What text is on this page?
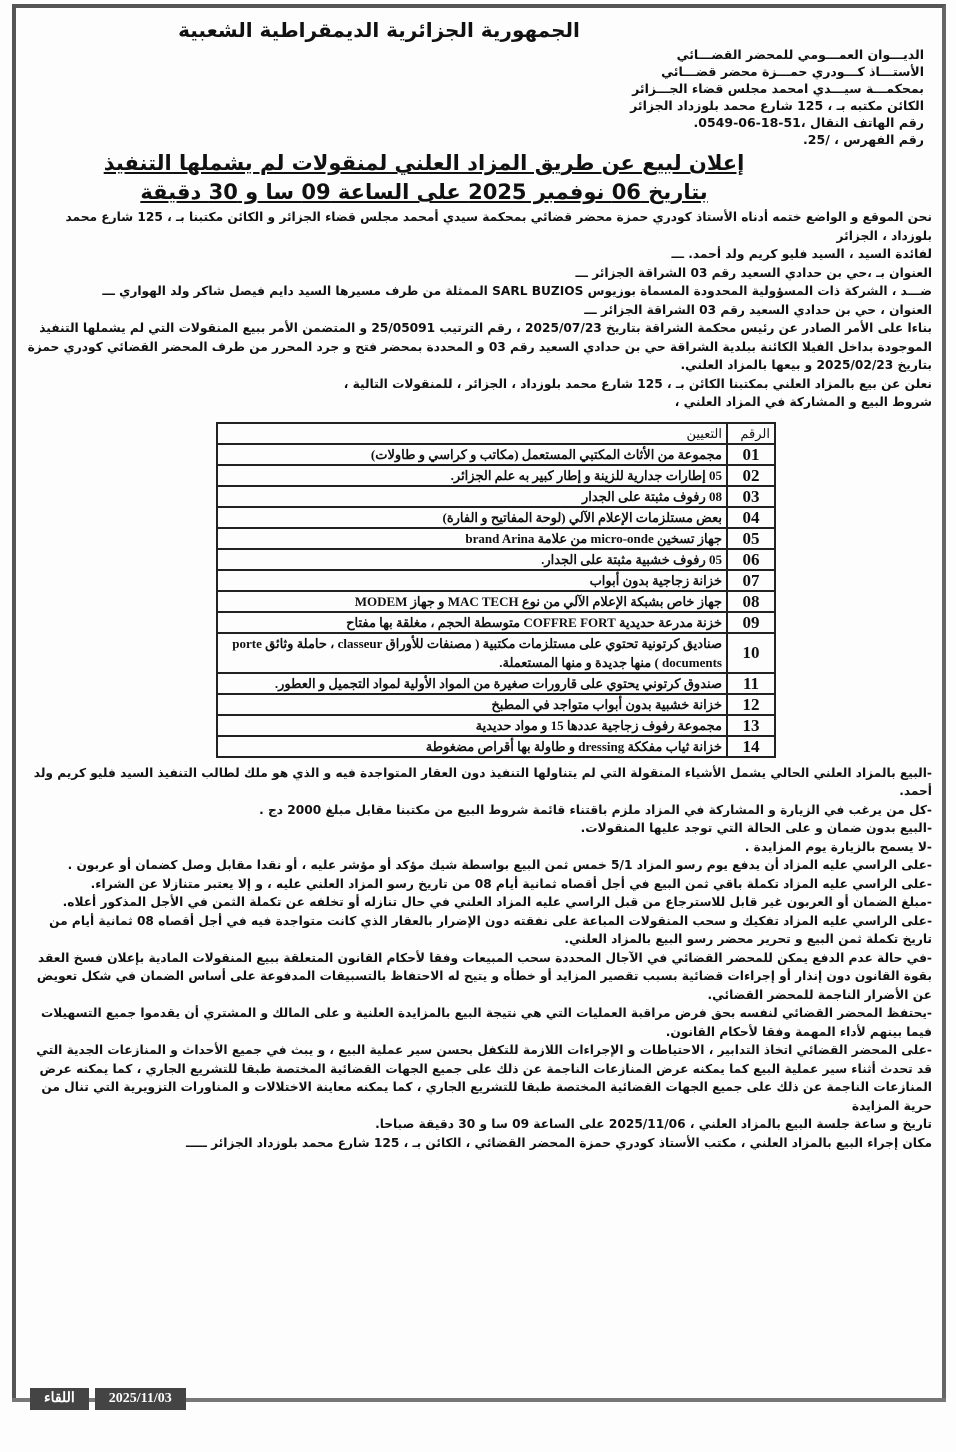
الجمهورية الجزائرية الديمقراطية الشعبية

الديـــوان العمـــومي للمحضر القضـــائي

الأستـــاذ كـــودري حمـــزة محضر قضـــائي

بمحكمـــة سيـــدي امحمد مجلس قضاء الجـــزائر

الكائن مكتبه بـ ، 125 شارع محمد بلوزداد الجزائر

رقم الهاتف النقال ،51-18-06-0549.

رقم الفهرس ، /25.

إعلان لبيع عن طريق المزاد العلني لمنقولات لم يشملها التنفيذ
بتاريخ 06 نوفمبر 2025 على الساعة 09 سا و 30 دقيقة

نحن الموقع و الواضع ختمه أدناه الأستاذ كودري حمزة محضر قضائي بمحكمة سيدي أمحمد مجلس قضاء الجزائر و الكائن مكتبنا بـ ، 125 شارع محمد بلوزداد ، الجزائر

لفائدة السيد ، السيد فليو كريم ولد أحمد. ـــ

العنوان بـ ،حي بن حدادي السعيد رقم 03 الشراقة الجزائر ـــ

ضـــد ، الشركة ذات المسؤولية المحدودة المسماة بوزيوس SARL BUZIOS الممثلة من طرف مسيرها السيد دايم فيصل شاكر ولد الهواري ـــ

العنوان ، حي بن حدادي السعيد رقم 03 الشراقة الجزائر ـــ

بناءا على الأمر الصادر عن رئيس محكمة الشراقة بتاريخ 2025/07/23 ، رقم الترتيب 25/05091 و المتضمن الأمر ببيع المنقولات التي لم يشملها التنفيذ الموجودة بداخل الفيلا الكائنة ببلدية الشراقة حي بن حدادي السعيد رقم 03 و المحددة بمحضر فتح و جرد المحرر من طرف المحضر القضائي كودري حمزة بتاريخ 2025/02/23 و بيعها بالمزاد العلني.

نعلن عن بيع بالمزاد العلني بمكتبنا الكائن بـ ، 125 شارع محمد بلوزداد ، الجزائر ، للمنقولات التالية ،

شروط البيع و المشاركة في المزاد العلني ،

الرقم	التعيين
01	مجموعة من الأثاث المكتبي المستعمل (مكاتب و كراسي و طاولات)
02	05 إطارات جدارية للزينة و إطار كبير به علم الجزائر.
03	08 رفوف مثبتة على الجدار
04	بعض مستلزمات الإعلام الآلي (لوحة المفاتيح و الفارة)
05	جهاز تسخين micro-onde من علامة brand Arina
06	05 رفوف خشبية مثبتة على الجدار.
07	خزانة زجاجية بدون أبواب
08	جهاز خاص بشبكة الإعلام الآلي من نوع MAC TECH و جهاز MODEM
09	خزنة مدرعة حديدية COFFRE FORT متوسطة الحجم ، مغلقة بها مفتاح
10	صناديق كرتونية تحتوي على مستلزمات مكتبية ( مصنفات للأوراق classeur ، حاملة وثائق porte documents ) منها جديدة و منها المستعملة.
11	صندوق كرتوني يحتوي على قارورات صغيرة من المواد الأولية لمواد التجميل و العطور.
12	خزانة خشبية بدون أبواب متواجد في المطبخ
13	مجموعة رفوف زجاجية عددها 15 و مواد حديدية
14	خزانة ثياب مفككة dressing و طاولة بها أقراص مضغوطة

-البيع بالمزاد العلني الحالي يشمل الأشياء المنقولة التي لم يتناولها التنفيذ دون العقار المتواجدة فيه و الذي هو ملك لطالب التنفيذ السيد فليو كريم ولد أحمد.

-كل من يرغب في الزيارة و المشاركة في المزاد ملزم باقتناء قائمة شروط البيع من مكتبنا مقابل مبلغ 2000 دج .

-البيع بدون ضمان و على الحالة التي توجد عليها المنقولات.

-لا يسمح بالزيارة يوم المزايدة .

-على الراسي عليه المزاد أن يدفع يوم رسو المزاد 5/1 خمس ثمن البيع بواسطة شيك مؤكد أو مؤشر عليه ، أو نقدا مقابل وصل كضمان أو عربون .

-على الراسي عليه المزاد تكملة باقي ثمن البيع في أجل أقصاه ثمانية أيام 08 من تاريخ رسو المزاد العلني عليه ، و إلا يعتبر متنازلا عن الشراء.

-مبلغ الضمان أو العربون غير قابل للاسترجاع من قبل الراسي عليه المزاد العلني في حال تنازله أو تخلفه عن تكملة الثمن في الأجل المذكور أعلاه.

-على الراسي عليه المزاد تفكيك و سحب المنقولات المباعة على نفقته دون الإضرار بالعقار الذي كانت متواجدة فيه في أجل أقصاه 08 ثمانية أيام من تاريخ تكملة ثمن البيع و تحرير محضر رسو البيع بالمزاد العلني.

-في حالة عدم الدفع يمكن للمحضر القضائي في الآجال المحددة سحب المبيعات وفقا لأحكام القانون المتعلقة ببيع المنقولات المادية بإعلان فسخ العقد بقوة القانون دون إنذار أو إجراءات قضائية بسبب تقصير المزايد أو خطأه و يتيح له الاحتفاظ بالتسبيقات المدفوعة على أساس الضمان في شكل تعويض عن الأضرار الناجمة للمحضر القضائي.

-يحتفظ المحضر القضائي لنفسه بحق فرض مراقبة العمليات التي هي نتيجة البيع بالمزايدة العلنية و على المالك و المشتري أن يقدموا جميع التسهيلات فيما بينهم لأداء المهمة وفقا لأحكام القانون.

-على المحضر القضائي اتخاذ التدابير ، الاحتياطات و الإجراءات اللازمة للتكفل بحسن سير عملية البيع ، و يبث في جميع الأحداث و المنازعات الجدية التي قد تحدث أثناء سير عملية البيع كما يمكنه عرض المنازعات الناجمة عن ذلك على جميع الجهات القضائية المختصة طبقا للتشريع الجاري ، كما يمكنه عرض المنازعات الناجمة عن ذلك على جميع الجهات القضائية المختصة طبقا للتشريع الجاري ، كما يمكنه معاينة الاختلالات و المناورات التزويرية التي تنال من حرية المزايدة

تاريخ و ساعة جلسة البيع بالمزاد العلني ، 2025/11/06 على الساعة 09 سا و 30 دقيقة صباحا.

مكان إجراء البيع بالمزاد العلني ، مكتب الأستاذ كودري حمزة المحضر القضائي ، الكائن بـ ، 125 شارع محمد بلوزداد الجزائر ـــــ

اللقاء	2025/11/03
